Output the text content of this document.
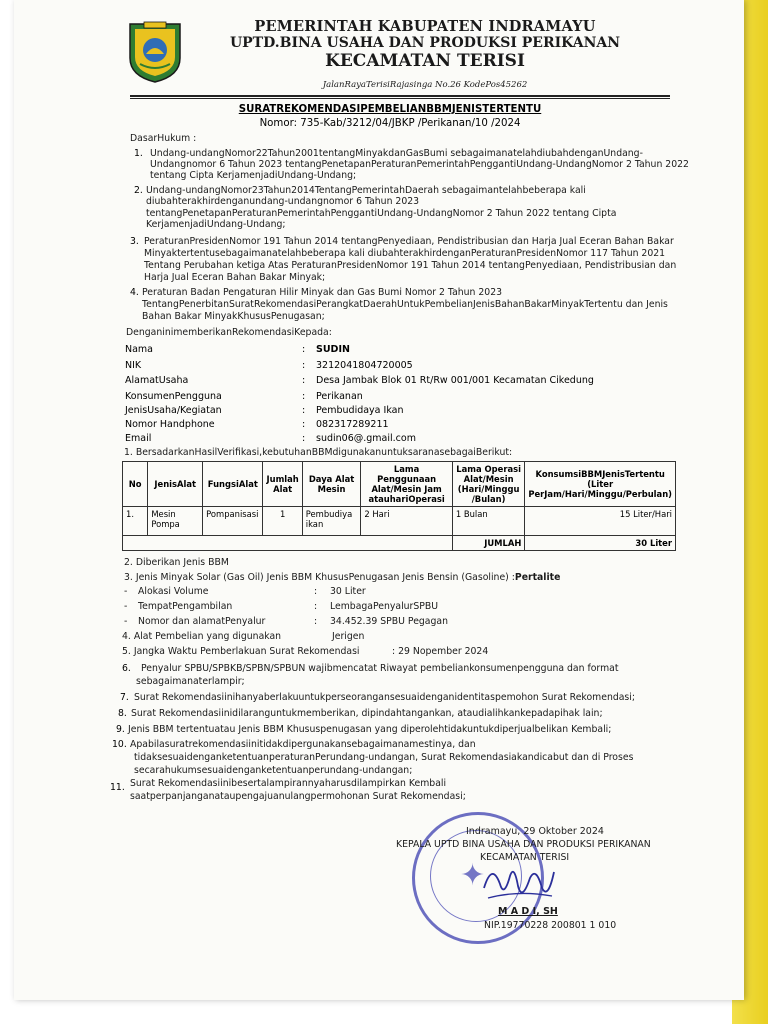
PEMERINTAH KABUPATEN INDRAMAYU
UPTD.BINA USAHA DAN PRODUKSI PERIKANAN
KECAMATAN TERISI
JalanRayaTerisiRajasinga No.26 KodePos45262
SURATREKOMENDASIPEMBELIANBBMJENISTERTENTU
Nomor: 735-Kab/3212/04/JBKP /Perikanan/10 /2024
DasarHukum :
1. Undang-undangNomor22Tahun2001tentangMinyakdanGasBumi sebagaimanatelahdiubahdenganUndang-
Undangnomor 6 Tahun 2023 tentangPenetapanPeraturanPemerintahPenggantiUndang-UndangNomor 2 Tahun 2022
tentang Cipta KerjamenjadiUndang-Undang;
2. Undang-undangNomor23Tahun2014TentangPemerintahDaerah sebagaimantelahbeberapa kali
diubahterakhirdenganundang-undangnomor 6 Tahun 2023
tentangPenetapanPeraturanPemerintahPenggantiUndang-UndangNomor 2 Tahun 2022 tentang Cipta
KerjamenjadiUndang-Undang;
3. PeraturanPresidenNomor 191 Tahun 2014 tentangPenyediaan, Pendistribusian dan Harja Jual Eceran Bahan Bakar
Minyaktertentusebagaimanatelahbeberapa kali diubahterakhirdenganPeraturanPresidenNomor 117 Tahun 2021
Tentang Perubahan ketiga Atas PeraturanPresidenNomor 191 Tahun 2014 tentangPenyediaan, Pendistribusian dan
Harja Jual Eceran Bahan Bakar Minyak;
4. Peraturan Badan Pengaturan Hilir Minyak dan Gas Bumi Nomor 2 Tahun 2023
TentangPenerbitanSuratRekomendasiPerangkatDaerahUntukPembelianJenisBahanBakarMinyakTertentu dan Jenis
Bahan Bakar MinyakKhususPenugasan;
DenganinimemberikanRekomendasiKepada:
Nama	: SUDIN
NIK	: 3212041804720005
AlamatUsaha	: Desa Jambak Blok 01 Rt/Rw 001/001 Kecamatan Cikedung
KonsumenPengguna	: Perikanan
JenisUsaha/Kegiatan	: Pembudidaya Ikan
Nomor Handphone	: 082317289211
Email	: sudin06@.gmail.com
1. BersadarkanHasilVerifikasi,kebutuhanBBMdigunakanuntuksaranasebagaiBerikut:
No	JenisAlat	FungsiAlat	Jumlah Alat	Daya Alat Mesin	Lama Penggunaan Alat/Mesin Jam atauhariOperasi	Lama Operasi Alat/Mesin (Hari/Minggu /Bulan)	KonsumsiBBMJenisTertentu (Liter PerJam/Hari/Minggu/Perbulan)
1.	Mesin Pompa	Pompanisasi	1	Pembudiya ikan	2 Hari	1 Bulan	15 Liter/Hari
						JUMLAH	30 Liter
2. Diberikan Jenis BBM
3. Jenis Minyak Solar (Gas Oil) Jenis BBM KhususPenugasan Jenis Bensin (Gasoline) :Pertalite
- Alokasi Volume	: 30 Liter
- TempatPengambilan	: LembagaPenyalurSPBU
- Nomor dan alamatPenyalur	: 34.452.39 SPBU Pegagan
4. Alat Pembelian yang digunakan	Jerigen
5. Jangka Waktu Pemberlakuan Surat Rekomendasi	: 29 Nopember 2024
6. Penyalur SPBU/SPBKB/SPBN/SPBUN wajibmencatat Riwayat pembeliankonsumenpengguna dan format
sebagaimanaterlampir;
7. Surat Rekomendasiinihanyaberlakuuntukperseorangansesuaidenganidentitaspemohon Surat Rekomendasi;
8. Surat Rekomendasiinidilaranguntukmemberikan, dipindahtangankan, ataudialihkankepadapihak lain;
9. Jenis BBM tertentuatau Jenis BBM Khususpenugasan yang diperolehtidakuntukdiperjualbelikan Kembali;
10. Apabilasuratrekomendasiinitidakdipergunakansebagaimanamestinya, dan
tidaksesuaidenganketentuanperaturanPerundang-undangan, Surat Rekomendasiakandicabut dan di Proses
secarahukumsesuaidenganketentuanperundang-undangan;
11. Surat Rekomendasiinibesertalampirannyaharusdilampirkan Kembali
saatperpanjanganataupengajuanulangpermohonan Surat Rekomendasi;
✦
Indramayu, 29 Oktober 2024
KEPALA UPTD BINA USAHA DAN PRODUKSI PERIKANAN
KECAMATAN TERISI
M A D I, SH
NIP.19770228 200801 1 010
